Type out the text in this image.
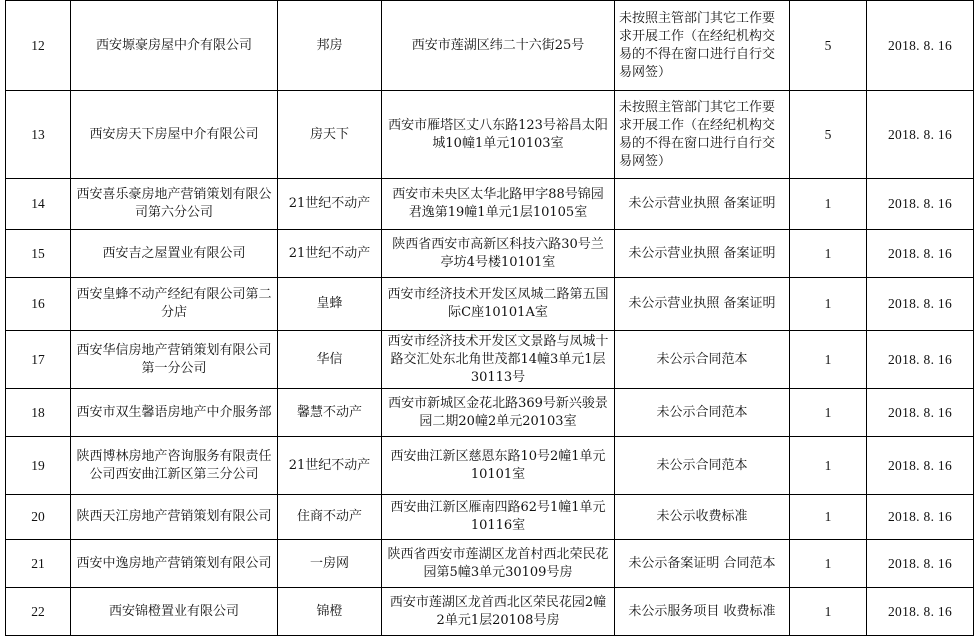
12	西安塬豪房屋中介有限公司	邦房	西安市莲湖区纬二十六街25号	未按照主管部门其它工作要求开展工作（在经纪机构交易的不得在窗口进行自行交易网签）	5	2018. 8. 16
13	西安房天下房屋中介有限公司	房天下	西安市雁塔区丈八东路123号裕昌太阳城10幢1单元10103室	未按照主管部门其它工作要求开展工作（在经纪机构交易的不得在窗口进行自行交易网签）	5	2018. 8. 16
14	西安喜乐豪房地产营销策划有限公司第六分公司	21世纪不动产	西安市未央区太华北路甲字88号锦园君逸第19幢1单元1层10105室	未公示营业执照 备案证明	1	2018. 8. 16
15	西安吉之屋置业有限公司	21世纪不动产	陕西省西安市高新区科技六路30号兰亭坊4号楼10101室	未公示营业执照 备案证明	1	2018. 8. 16
16	西安皇蜂不动产经纪有限公司第二分店	皇蜂	西安市经济技术开发区凤城二路第五国际C座10101A室	未公示营业执照 备案证明	1	2018. 8. 16
17	西安华信房地产营销策划有限公司第一分公司	华信	西安市经济技术开发区文景路与凤城十路交汇处东北角世茂都14幢3单元1层30113号	未公示合同范本	1	2018. 8. 16
18	西安市双生馨语房地产中介服务部	馨慧不动产	西安市新城区金花北路369号新兴骏景园二期20幢2单元20103室	未公示合同范本	1	2018. 8. 16
19	陕西博林房地产咨询服务有限责任公司西安曲江新区第三分公司	21世纪不动产	西安曲江新区慈恩东路10号2幢1单元10101室	未公示合同范本	1	2018. 8. 16
20	陕西天江房地产营销策划有限公司	住商不动产	西安曲江新区雁南四路62号1幢1单元10116室	未公示收费标准	1	2018. 8. 16
21	西安中逸房地产营销策划有限公司	一房网	陕西省西安市莲湖区龙首村西北荣民花园第5幢3单元30109号房	未公示备案证明 合同范本	1	2018. 8. 16
22	西安锦橙置业有限公司	锦橙	西安市莲湖区龙首西北区荣民花园2幢2单元1层20108号房	未公示服务项目 收费标准	1	2018. 8. 16
